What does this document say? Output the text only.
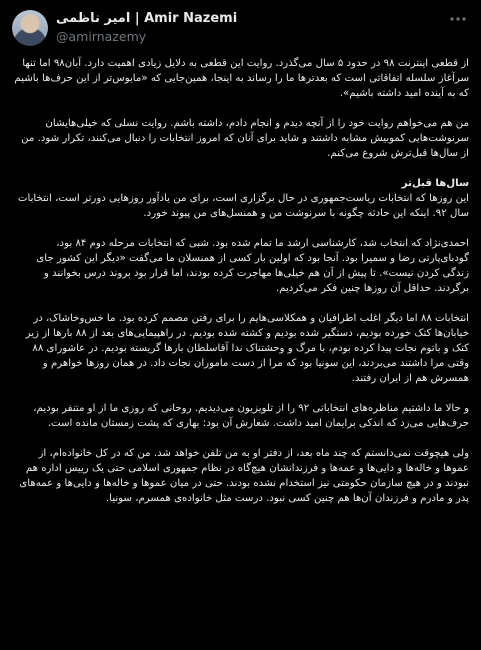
امیر ناظمی | Amir Nazemi
@amirnazemy

از قطعی اینترنت ۹۸ در حدود ۵ سال می‌گذرد. روایت این قطعی به دلایل زیادی اهمیت دارد. آبان۹۸ اما تنها سرآغاز سلسله اتفاقاتی است که بعدترها ما را رساند به اینجا، همین‌جایی که «مایوس‌تر از این حرف‌ها باشیم که به آینده امید داشته باشیم».

من هم می‌خواهم روایت خود را از آنچه دیدم و انجام دادم، داشته باشم. روایت نسلی که خیلی‌هایشان سرنوشت‌هایی کموبیش مشابه داشتند و شاید برای آنان که امروز انتخابات را دنبال می‌کنند، تکرار شود. من از سال‌ها قبل‌ترش شروع می‌کنم.

سال‌ها قبل‌تر

این روزها که انتخابات ریاست‌جمهوری در حال برگزاری است، برای من یادآور روزهایی دورتر است، انتخابات سال ۹۲. اینکه این حادثه چگونه با سرنوشت من و همنسل‌های من پیوند خورد.

احمدی‌نژاد که انتخاب شد، کارشناسی ارشد ما تمام شده بود. شبی که انتخابات مرحله دوم ۸۴ بود، گودبای‌پارتی رضا و سمیرا بود. آنجا بود که اولین بار کسی از همنسلان ما می‌گفت «دیگر این کشور جای زندگی کردن نیست». تا پیش از آن هم خیلی‌ها مهاجرت کرده بودند، اما قرار بود بروند درس بخوانند و برگردند. حداقل آن روزها چنین فکر می‌کردیم.

انتخابات ۸۸ اما دیگر اغلب اطرافیان و همکلاسی‌هایم را برای رفتن مصمم کرده بود. ما خس‌وخاشاک، در خیابان‌ها کتک خورده بودیم، دستگیر شده بودیم و کشته شده بودیم. در راهپیمایی‌های بعد از ۸۸ بارها از زیر کتک و باتوم نجات پیدا کرده بودم، با مرگ و وحشتناک ندا آقاسلطان بارها گریسته بودیم. در عاشورای ۸۸ وقتی مرا داشتند می‌بردند، این سونیا بود که مرا از دست ماموران نجات داد. در همان روزها خواهرم و همسرش هم از ایران رفتند.

و حالا ما داشتیم مناظره‌های انتخاباتی ۹۲ را از تلویزیون می‌دیدیم. روحانی که روزی ما از او متنفر بودیم، حرف‌هایی می‌زد که اندکی برایمان امید داشت. شعارش آن بود: بهاری که پشت زمستان مانده است.

ولی هیچوقت نمی‌دانستم که چند ماه بعد، از دفتر او به من تلفن خواهد شد. من که در کل خانواده‌ام، از عموها و خاله‌ها و دایی‌ها و عمه‌ها و فرزندانشان هیچ‌گاه در نظام جمهوری اسلامی حتی یک رییس اداره هم نبودند و در هیچ سازمان حکومتی نیز استخدام نشده بودند. حتی در میان عموها و خاله‌ها و دایی‌ها و عمه‌های پدر و مادرم و فرزندان آن‌ها هم چنین کسی نبود. درست مثل خانواده‌ی همسرم، سونیا.
